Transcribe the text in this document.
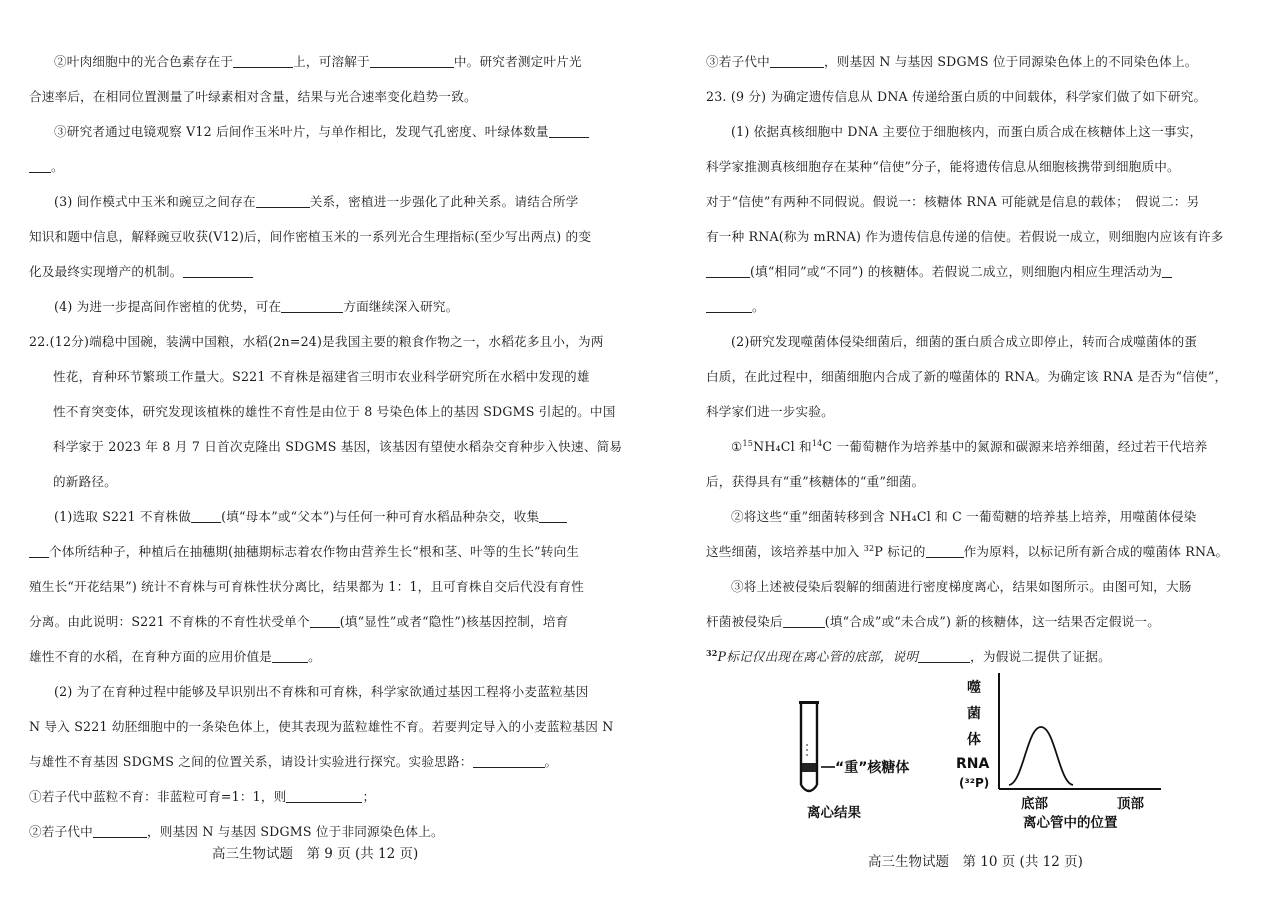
②叶肉细胞中的光合色素存在于	上，可溶解于	中。研究者测定叶片光
合速率后，在相同位置测量了叶绿素相对含量，结果与光合速率变化趋势一致。
③研究者通过电镜观察 V12 后间作玉米叶片，与单作相比，发现气孔密度、叶绿体数量
。
(3) 间作模式中玉米和豌豆之间存在	关系，密植进一步强化了此种关系。请结合所学
知识和题中信息，解释豌豆收获(V12)后，间作密植玉米的一系列光合生理指标(至少写出两点) 的变
化及最终实现增产的机制。
(4) 为进一步提高间作密植的优势，可在	方面继续深入研究。
22.(12分)端稳中国碗，装满中国粮，水稻(2n=24)是我国主要的粮食作物之一，水稻花多且小，为两
性花，育种环节繁琐工作量大。S221 不育株是福建省三明市农业科学研究所在水稻中发现的雄
性不育突变体，研究发现该植株的雄性不育性是由位于 8 号染色体上的基因 SDGMS 引起的。中国
科学家于 2023 年 8 月 7 日首次克隆出 SDGMS 基因，该基因有望使水稻杂交育种步入快速、简易
的新路径。
(1)选取 S221 不育株做 (填“母本”或“父本”)与任何一种可育水稻品种杂交，收集
个体所结种子，种植后在抽穗期(抽穗期标志着农作物由营养生长“根和茎、叶等的生长”转向生
殖生长“开花结果”) 统计不育株与可育株性状分离比，结果都为 1：1，且可育株自交后代没有育性
分离。由此说明：S221 不育株的不育性状受单个 (填“显性”或者“隐性”)核基因控制，培育
雄性不育的水稻，在育种方面的应用价值是	。
(2) 为了在育种过程中能够及早识别出不育株和可育株，科学家欲通过基因工程将小麦蓝粒基因
N 导入 S221 幼胚细胞中的一条染色体上，使其表现为蓝粒雄性不育。若要判定导入的小麦蓝粒基因 N
与雄性不育基因 SDGMS 之间的位置关系，请设计实验进行探究。实验思路：	。
①若子代中蓝粒不育：非蓝粒可育=1：1，则	；
②若子代中	，则基因 N 与基因 SDGMS 位于非同源染色体上。
高三生物试题　第 9 页 (共 12 页)
③若子代中	，则基因 N 与基因 SDGMS 位于同源染色体上的不同染色体上。
23. (9 分) 为确定遗传信息从 DNA 传递给蛋白质的中间载体，科学家们做了如下研究。
(1) 依据真核细胞中 DNA 主要位于细胞核内，而蛋白质合成在核糖体上这一事实，
科学家推测真核细胞存在某种“信使”分子，能将遗传信息从细胞核携带到细胞质中。
对于“信使”有两种不同假说。假说一：核糖体 RNA 可能就是信息的载体；　假说二：另
有一种 RNA(称为 mRNA) 作为遗传信息传递的信使。若假说一成立，则细胞内应该有许多
(填“相同”或“不同”) 的核糖体。若假说二成立，则细胞内相应生理活动为
。
(2)研究发现噬菌体侵染细菌后，细菌的蛋白质合成立即停止，转而合成噬菌体的蛋
白质，在此过程中，细菌细胞内合成了新的噬菌体的 RNA。为确定该 RNA 是否为“信使”，
科学家们进一步实验。
①$^{15}$NH₄Cl 和$^{14}$C 一葡萄糖作为培养基中的氮源和碳源来培养细菌，经过若干代培养
后，获得具有“重”核糖体的“重”细菌。
②将这些“重”细菌转移到含 NH₄Cl 和 C 一葡萄糖的培养基上培养，用噬菌体侵染
这些细菌，该培养基中加入 $^{32}$P 标记的	作为原料，以标记所有新合成的噬菌体 RNA。
③将上述被侵染后裂解的细菌进行密度梯度离心，结果如图所示。由图可知，大肠
杆菌被侵染后	(填“合成”或“未合成”) 新的核糖体，这一结果否定假说一。
$^{32}$P标记仅出现在离心管的底部，说明	，为假说二提供了证据。
“重”核糖体
离心结果
噬
菌
体
RNA
(³²P)
底部	顶部
离心管中的位置
高三生物试题　第 10 页 (共 12 页)
